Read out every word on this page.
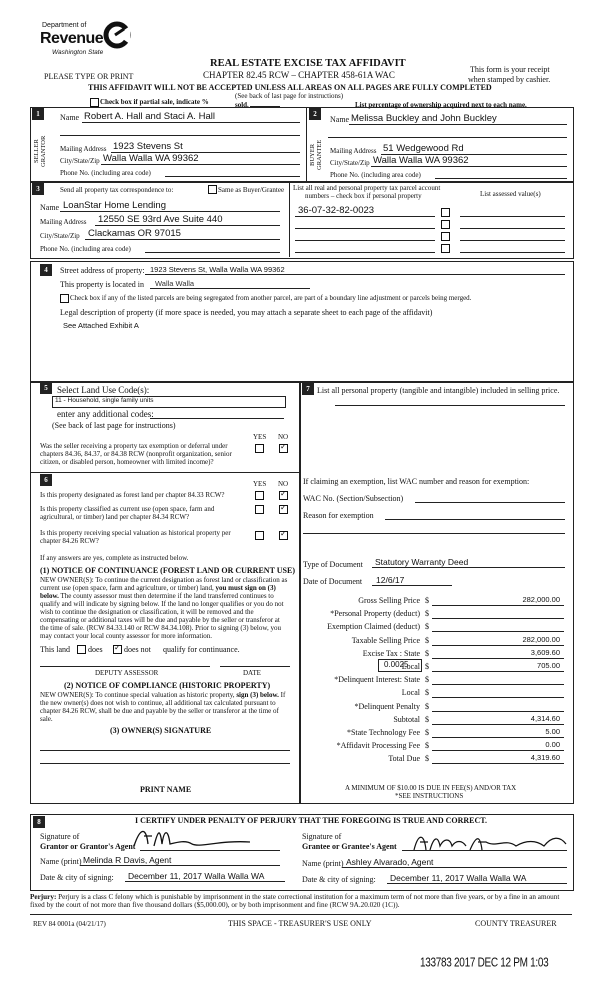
Department of
Revenue
Washington State
REAL ESTATE EXCISE TAX AFFIDAVIT
CHAPTER 82.45 RCW – CHAPTER 458-61A WAC
PLEASE TYPE OR PRINT
This form is your receipt
when stamped by cashier.
THIS AFFIDAVIT WILL NOT BE ACCEPTED UNLESS ALL AREAS ON ALL PAGES ARE FULLY COMPLETED
(See back of last page for instructions)
Check box if partial sale, indicate %	sold.	List percentage of ownership acquired next to each name.
1
SELLER GRANTOR
Name Robert A. Hall and Staci A. Hall
Mailing Address 1923 Stevens St
City/State/Zip Walla Walla WA 99362
Phone No. (including area code)
2
BUYER GRANTEE
Name Melissa Buckley and John Buckley
Mailing Address 51 Wedgewood Rd
City/State/Zip Walla Walla WA 99362
Phone No. (including area code)
3	Send all property tax correspondence to:	Same as Buyer/Grantee
Name LoanStar Home Lending
Mailing Address 12550 SE 93rd Ave Suite 440
City/State/Zip Clackamas OR 97015
Phone No. (including area code)
List all real and personal property tax parcel account
numbers – check box if personal property	List assessed value(s)
36-07-32-82-0023
4	Street address of property: 1923 Stevens St, Walla Walla WA 99362
This property is located in Walla Walla
Check box if any of the listed parcels are being segregated from another parcel, are part of a boundary line adjustment or parcels being merged.
Legal description of property (if more space is needed, you may attach a separate sheet to each page of the affidavit)
See Attached Exhibit A
5	Select Land Use Code(s):
11 - Household, single family units
enter any additional codes:
(See back of last page for instructions)
YES NO
Was the seller receiving a property tax exemption or deferral under chapters 84.36, 84.37, or 84.38 RCW (nonprofit organization, senior citizen, or disabled person, homeowner with limited income)?
✓
6	YES NO
Is this property designated as forest land per chapter 84.33 RCW?
✓
Is this property classified as current use (open space, farm and agricultural, or timber) land per chapter 84.34 RCW?
✓
Is this property receiving special valuation as historical property per chapter 84.26 RCW?
✓
If any answers are yes, complete as instructed below.
(1) NOTICE OF CONTINUANCE (FOREST LAND OR CURRENT USE)
NEW OWNER(S): To continue the current designation as forest land or classification as current use (open space, farm and agriculture, or timber) land, you must sign on (3) below. The county assessor must then determine if the land transferred continues to qualify and will indicate by signing below. If the land no longer qualifies or you do not wish to continue the designation or classification, it will be removed and the compensating or additional taxes will be due and payable by the seller or transferor at the time of sale. (RCW 84.33.140 or RCW 84.34.108). Prior to signing (3) below, you may contact your local county assessor for more information.
This land does
✓	does not qualify for continuance.
DEPUTY ASSESSOR	DATE
(2) NOTICE OF COMPLIANCE (HISTORIC PROPERTY)
NEW OWNER(S): To continue special valuation as historic property, sign (3) below. If the new owner(s) does not wish to continue, all additional tax calculated pursuant to chapter 84.26 RCW, shall be due and payable by the seller or transferor at the time of sale.
(3) OWNER(S) SIGNATURE
PRINT NAME
7 List all personal property (tangible and intangible) included in selling price.
If claiming an exemption, list WAC number and reason for exemption:
WAC No. (Section/Subsection)
Reason for exemption
Type of Document Statutory Warranty Deed
Date of Document 12/6/17
0.0025
Gross Selling Price $	282,000.00
*Personal Property (deduct) $
Exemption Claimed (deduct) $
Taxable Selling Price $	282,000.00
Excise Tax : State $	3,609.60
Local $	705.00
*Delinquent Interest: State $
Local $
*Delinquent Penalty $
Subtotal $	4,314.60
*State Technology Fee $	5.00
*Affidavit Processing Fee $	0.00
Total Due $	4,319.60
A MINIMUM OF $10.00 IS DUE IN FEE(S) AND/OR TAX
*SEE INSTRUCTIONS
8	I CERTIFY UNDER PENALTY OF PERJURY THAT THE FOREGOING IS TRUE AND CORRECT.
Signature of
Grantor or Grantor's Agent
Name (print) Melinda R Davis, Agent
Date & city of signing: December 11, 2017 Walla Walla WA
Signature of
Grantee or Grantee's Agent
Name (print) Ashley Alvarado, Agent
Date & city of signing: December 11, 2017 Walla Walla WA
Perjury: Perjury is a class C felony which is punishable by imprisonment in the state correctional institution for a maximum term of not more than five years, or by a fine in an amount fixed by the court of not more than five thousand dollars ($5,000.00), or by both imprisonment and fine (RCW 9A.20.020 (1C)).
REV 84 0001a (04/21/17)	THIS SPACE - TREASURER'S USE ONLY	COUNTY TREASURER
133783 2017 DEC 12 PM 1:03
